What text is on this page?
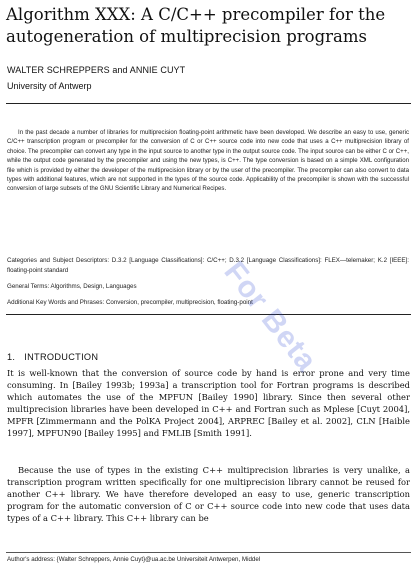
Algorithm XXX: A C/C++ precompiler for the autogeneration of multiprecision programs
WALTER SCHREPPERS and ANNIE CUYT
University of Antwerp

In the past decade a number of libraries for multiprecision floating-point arithmetic have been developed. We describe an easy to use, generic C/C++ transcription program or precompiler for the conversion of C or C++ source code into new code that uses a C++ multiprecision library of choice. The precompiler can convert any type in the input source to another type in the output source code. The input source can be either C or C++, while the output code generated by the precompiler and using the new types, is C++. The type conversion is based on a simple XML configuration file which is provided by either the developer of the multiprecision library or by the user of the precompiler. The precompiler can also convert to data types with additional features, which are not supported in the types of the source code. Applicability of the precompiler is shown with the successful conversion of large subsets of the GNU Scientific Library and Numerical Recipes.

Categories and Subject Descriptors: D.3.2 [Language Classifications]: C/C++; D.3.2 [Language Classifications]: FLEX—telemaker; K.2 [IEEE]: floating-point standard

General Terms: Algorithms, Design, Languages

Additional Key Words and Phrases: Conversion, precompiler, multiprecision, floating-point

1. INTRODUCTION

It is well-known that the conversion of source code by hand is error prone and very time consuming. In [Bailey 1993b; 1993a] a transcription tool for Fortran programs is described which automates the use of the MPFUN [Bailey 1990] library. Since then several other multiprecision libraries have been developed in C++ and Fortran such as Mplese [Cuyt 2004], MPFR [Zimmermann and the PolKA Project 2004], ARPREC [Bailey et al. 2002], CLN [Haible 1997], MPFUN90 [Bailey 1995] and FMLIB [Smith 1991].

Because the use of types in the existing C++ multiprecision libraries is very unalike, a transcription program written specifically for one multiprecision library cannot be reused for another C++ library. We have therefore developed an easy to use, generic transcription program for the automatic conversion of C or C++ source code into new code that uses data types of a C++ library. This C++ library can be

Author's address: {Walter Schreppers, Annie Cuyt}@ua.ac.be Universiteit Antwerpen, Middel

For Beta
